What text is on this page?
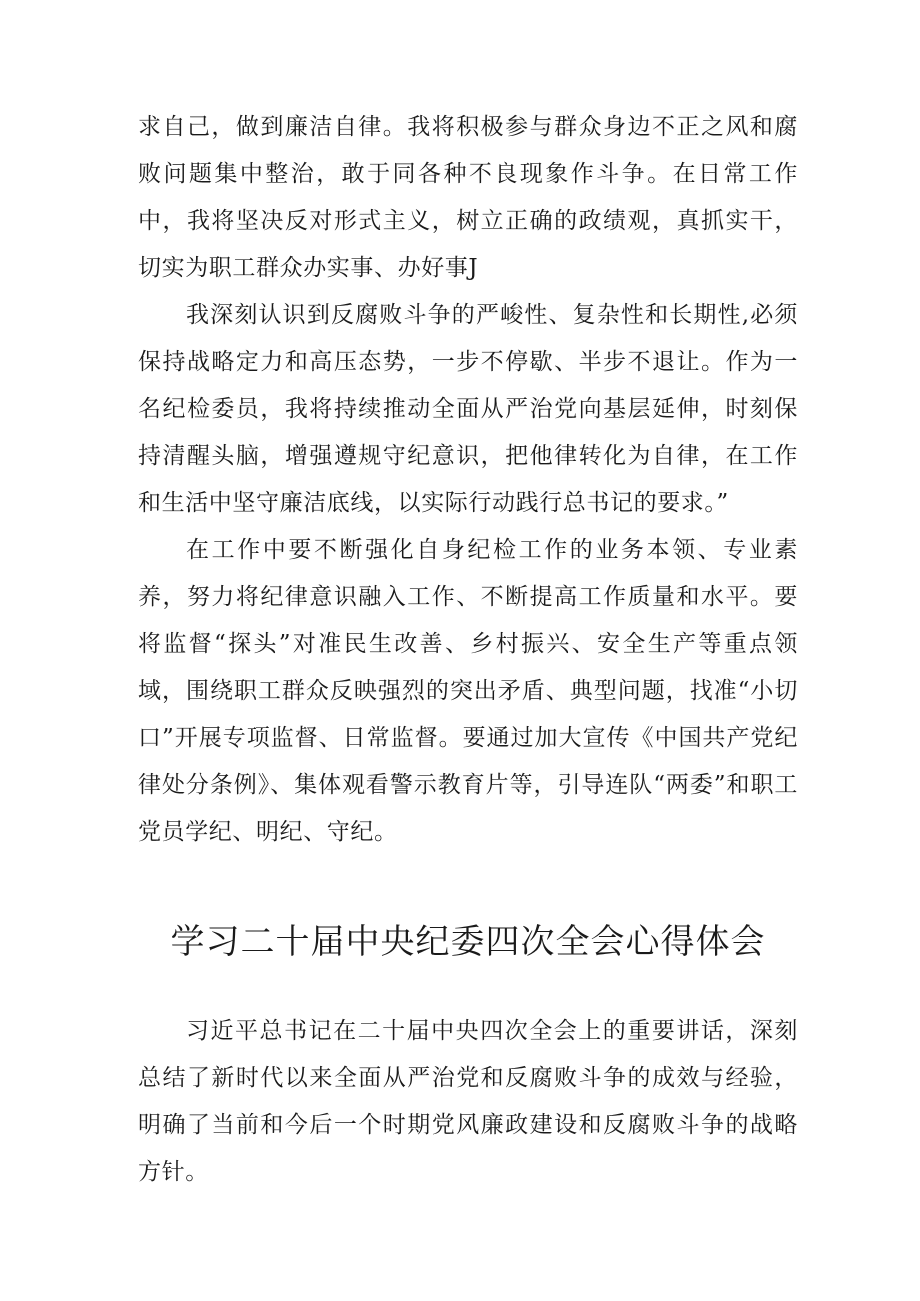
求自己，做到廉洁自律。我将积极参与群众身边不正之风和腐败问题集中整治，敢于同各种不良现象作斗争。在日常工作中，我将坚决反对形式主义，树立正确的政绩观，真抓实干，切实为职工群众办实事、办好事J

我深刻认识到反腐败斗争的严峻性、复杂性和长期性,必须保持战略定力和高压态势，一步不停歇、半步不退让。作为一名纪检委员，我将持续推动全面从严治党向基层延伸，时刻保持清醒头脑，增强遵规守纪意识，把他律转化为自律，在工作和生活中坚守廉洁底线，以实际行动践行总书记的要求。”

在工作中要不断强化自身纪检工作的业务本领、专业素养，努力将纪律意识融入工作、不断提高工作质量和水平。要将监督“探头”对准民生改善、乡村振兴、安全生产等重点领域，围绕职工群众反映强烈的突出矛盾、典型问题，找准“小切口”开展专项监督、日常监督。要通过加大宣传《中国共产党纪律处分条例》、集体观看警示教育片等，引导连队“两委”和职工党员学纪、明纪、守纪。

学习二十届中央纪委四次全会心得体会

习近平总书记在二十届中央四次全会上的重要讲话，深刻总结了新时代以来全面从严治党和反腐败斗争的成效与经验，明确了当前和今后一个时期党风廉政建设和反腐败斗争的战略方针。
